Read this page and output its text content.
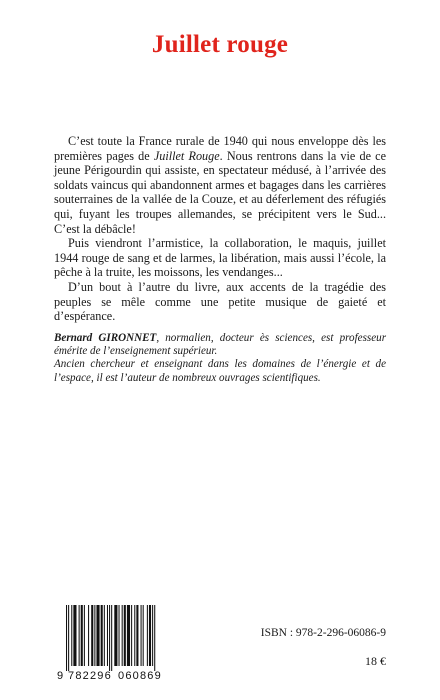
Juillet rouge

C’est toute la France rurale de 1940 qui nous enveloppe dès les premières pages de Juillet Rouge. Nous rentrons dans la vie de ce jeune Périgourdin qui assiste, en spectateur médusé, à l’arrivée des soldats vaincus qui abandonnent armes et bagages dans les carrières souterraines de la vallée de la Couze, et au déferlement des réfugiés qui, fuyant les troupes allemandes, se précipitent vers le Sud... C’est la débâcle!

Puis viendront l’armistice, la collaboration, le maquis, juillet 1944 rouge de sang et de larmes, la libération, mais aussi l’école, la pêche à la truite, les moissons, les vendanges...

D’un bout à l’autre du livre, aux accents de la tragédie des peuples se mêle comme une petite musique de gaieté et d’espérance.

Bernard GIRONNET, normalien, docteur ès sciences, est professeur émérite de l’enseignement supérieur.

Ancien chercheur et enseignant dans les domaines de l’énergie et de l’espace, il est l’auteur de nombreux ouvrages scientifiques.

9 782296 060869
ISBN : 978-2-296-06086-9
18 €
